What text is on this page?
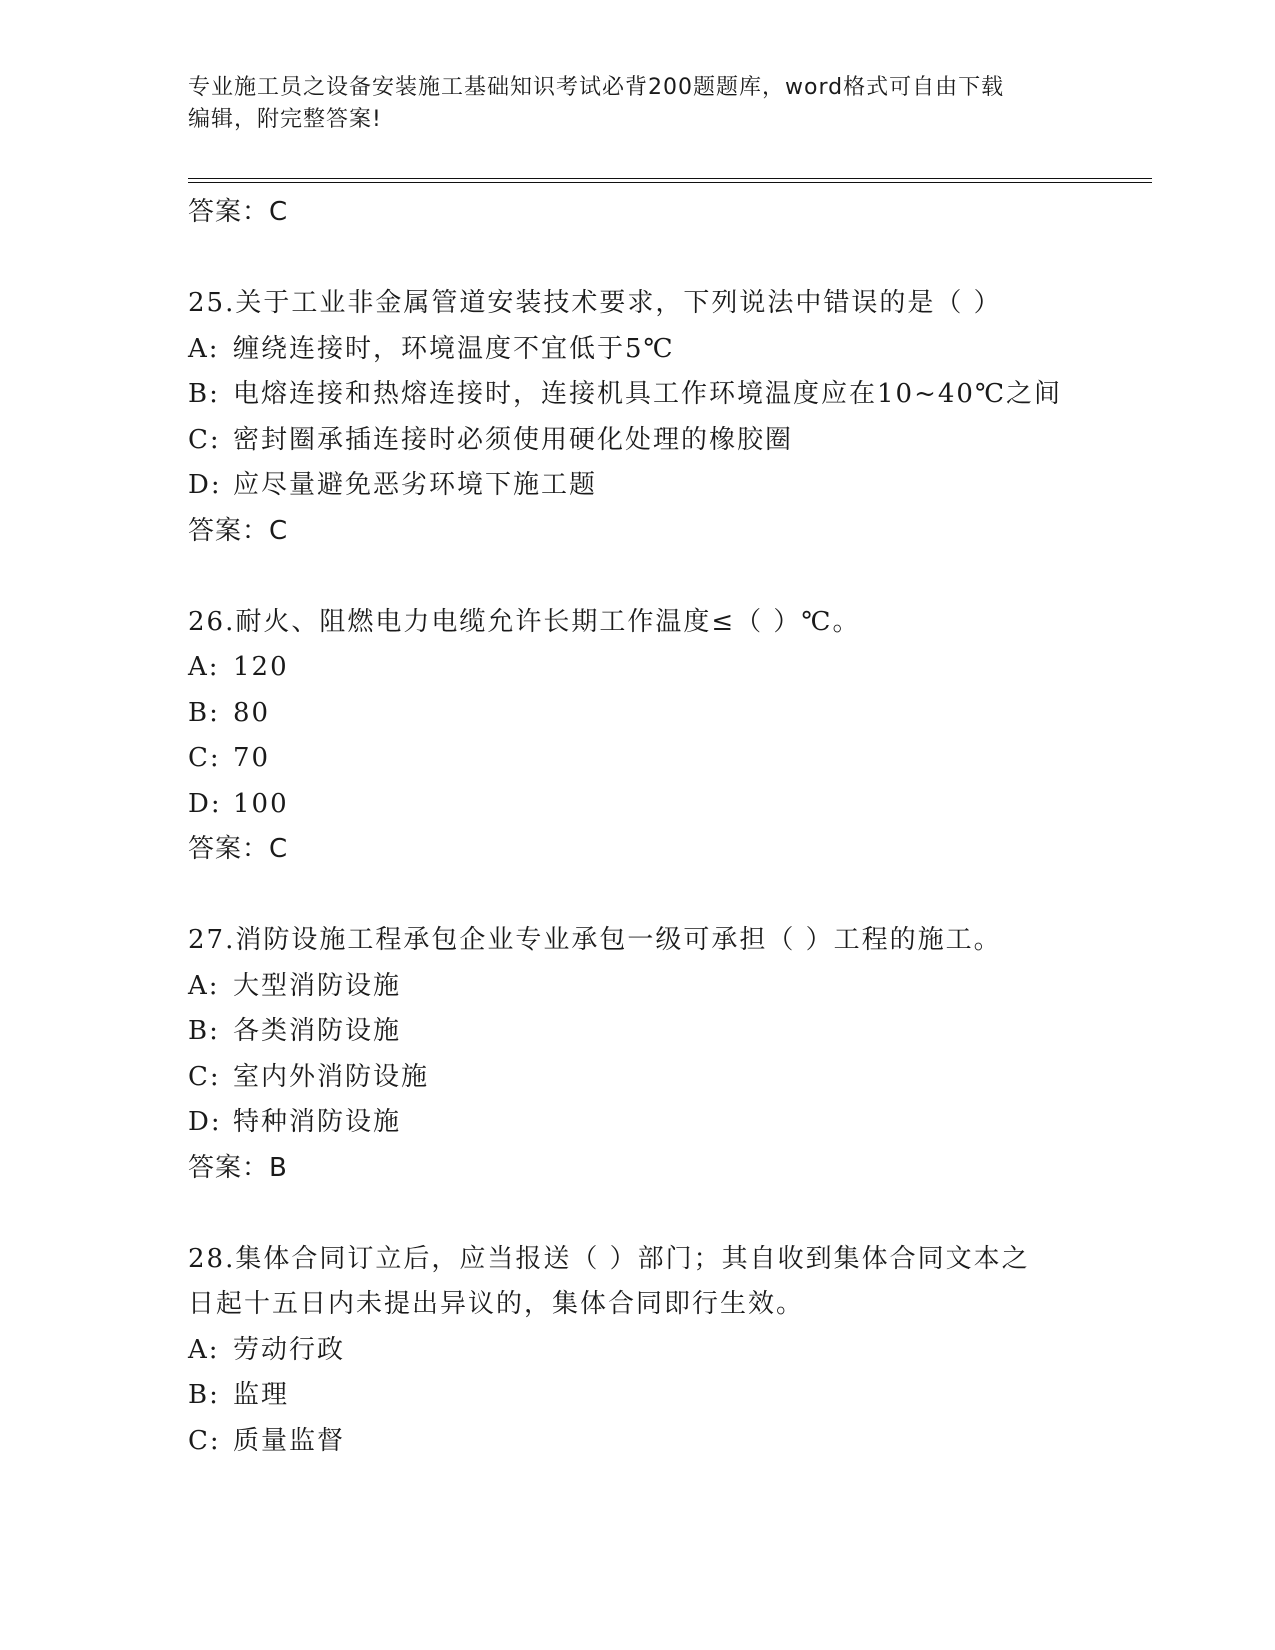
专业施工员之设备安装施工基础知识考试必背200题题库，word格式可自由下载
编辑，附完整答案!
答案：C
25.关于工业非金属管道安装技术要求，下列说法中错误的是（ ）
A: 缠绕连接时，环境温度不宜低于5℃
B: 电熔连接和热熔连接时，连接机具工作环境温度应在10~40℃之间
C: 密封圈承插连接时必须使用硬化处理的橡胶圈
D: 应尽量避免恶劣环境下施工题
答案：C
26.耐火、阻燃电力电缆允许长期工作温度≤（ ）℃。
A: 120
B: 80
C: 70
D: 100
答案：C
27.消防设施工程承包企业专业承包一级可承担（ ）工程的施工。
A: 大型消防设施
B: 各类消防设施
C: 室内外消防设施
D: 特种消防设施
答案：B
28.集体合同订立后，应当报送（ ）部门；其自收到集体合同文本之
日起十五日内未提出异议的，集体合同即行生效。
A: 劳动行政
B: 监理
C: 质量监督
